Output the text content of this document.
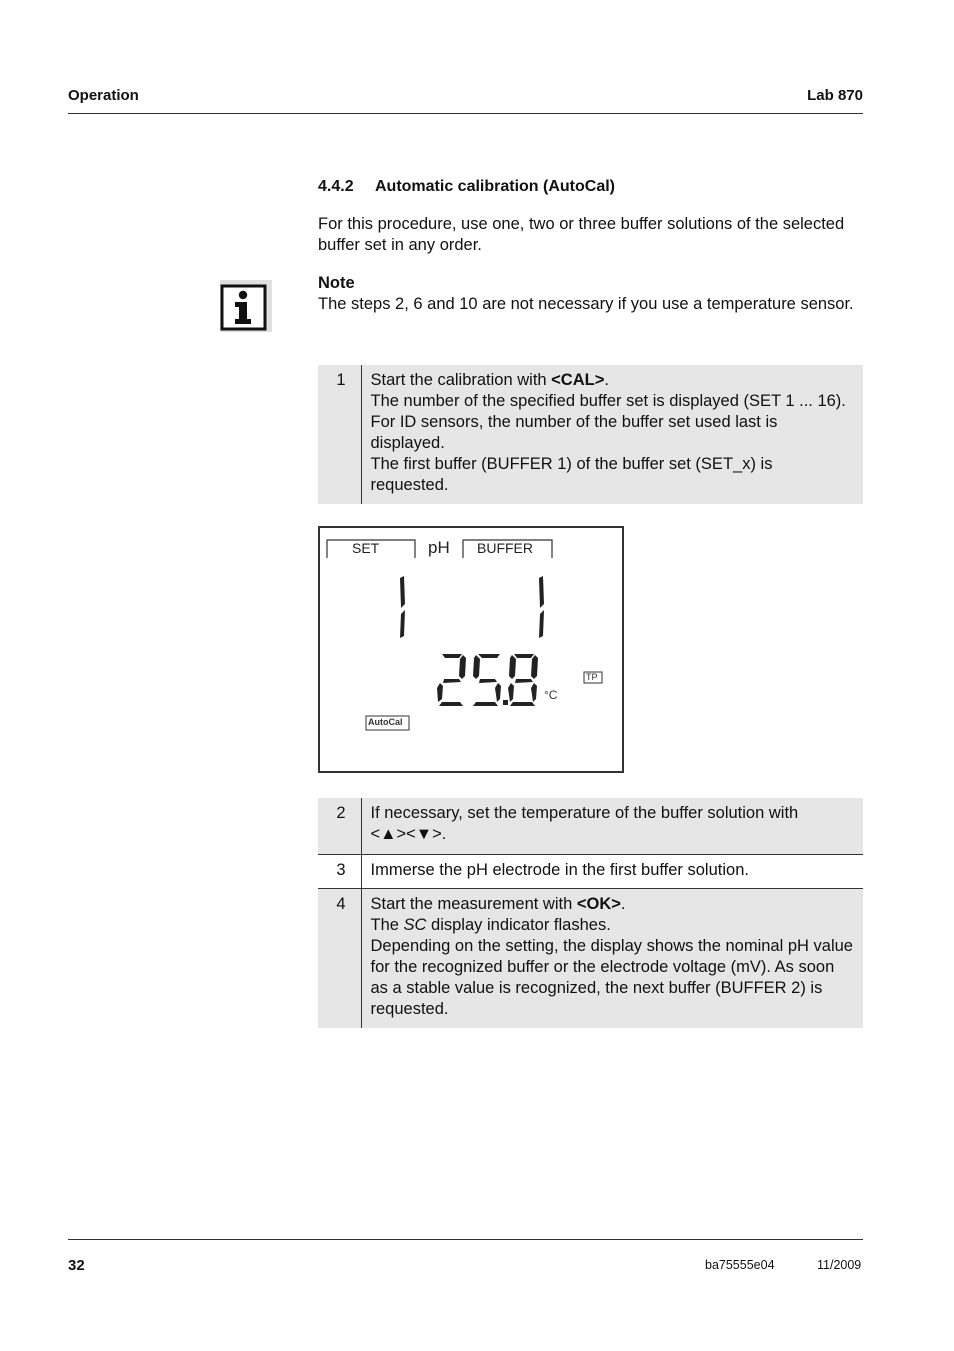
Operation	Lab 870
4.4.2 Automatic calibration (AutoCal)
For this procedure, use one, two or three buffer solutions of the selected buffer set in any order.
Note
The steps 2, 6 and 10 are not necessary if you use a temperature sensor.
1	Start the calibration with <CAL>.
The number of the specified buffer set is displayed (SET 1 ... 16). For ID sensors, the number of the buffer set used last is displayed.
The first buffer (BUFFER 1) of the buffer set (SET_x) is requested.
SET	pH BUFFER
°C
TP
AutoCal
2	If necessary, set the temperature of the buffer solution with
<▲><▼>.

3	Immerse the pH electrode in the first buffer solution.
4	Start the measurement with <OK>.
The SC display indicator flashes.
Depending on the setting, the display shows the nominal pH value for the recognized buffer or the electrode voltage (mV). As soon as a stable value is recognized, the next buffer (BUFFER 2) is requested.
32	ba75555e04	11/2009
